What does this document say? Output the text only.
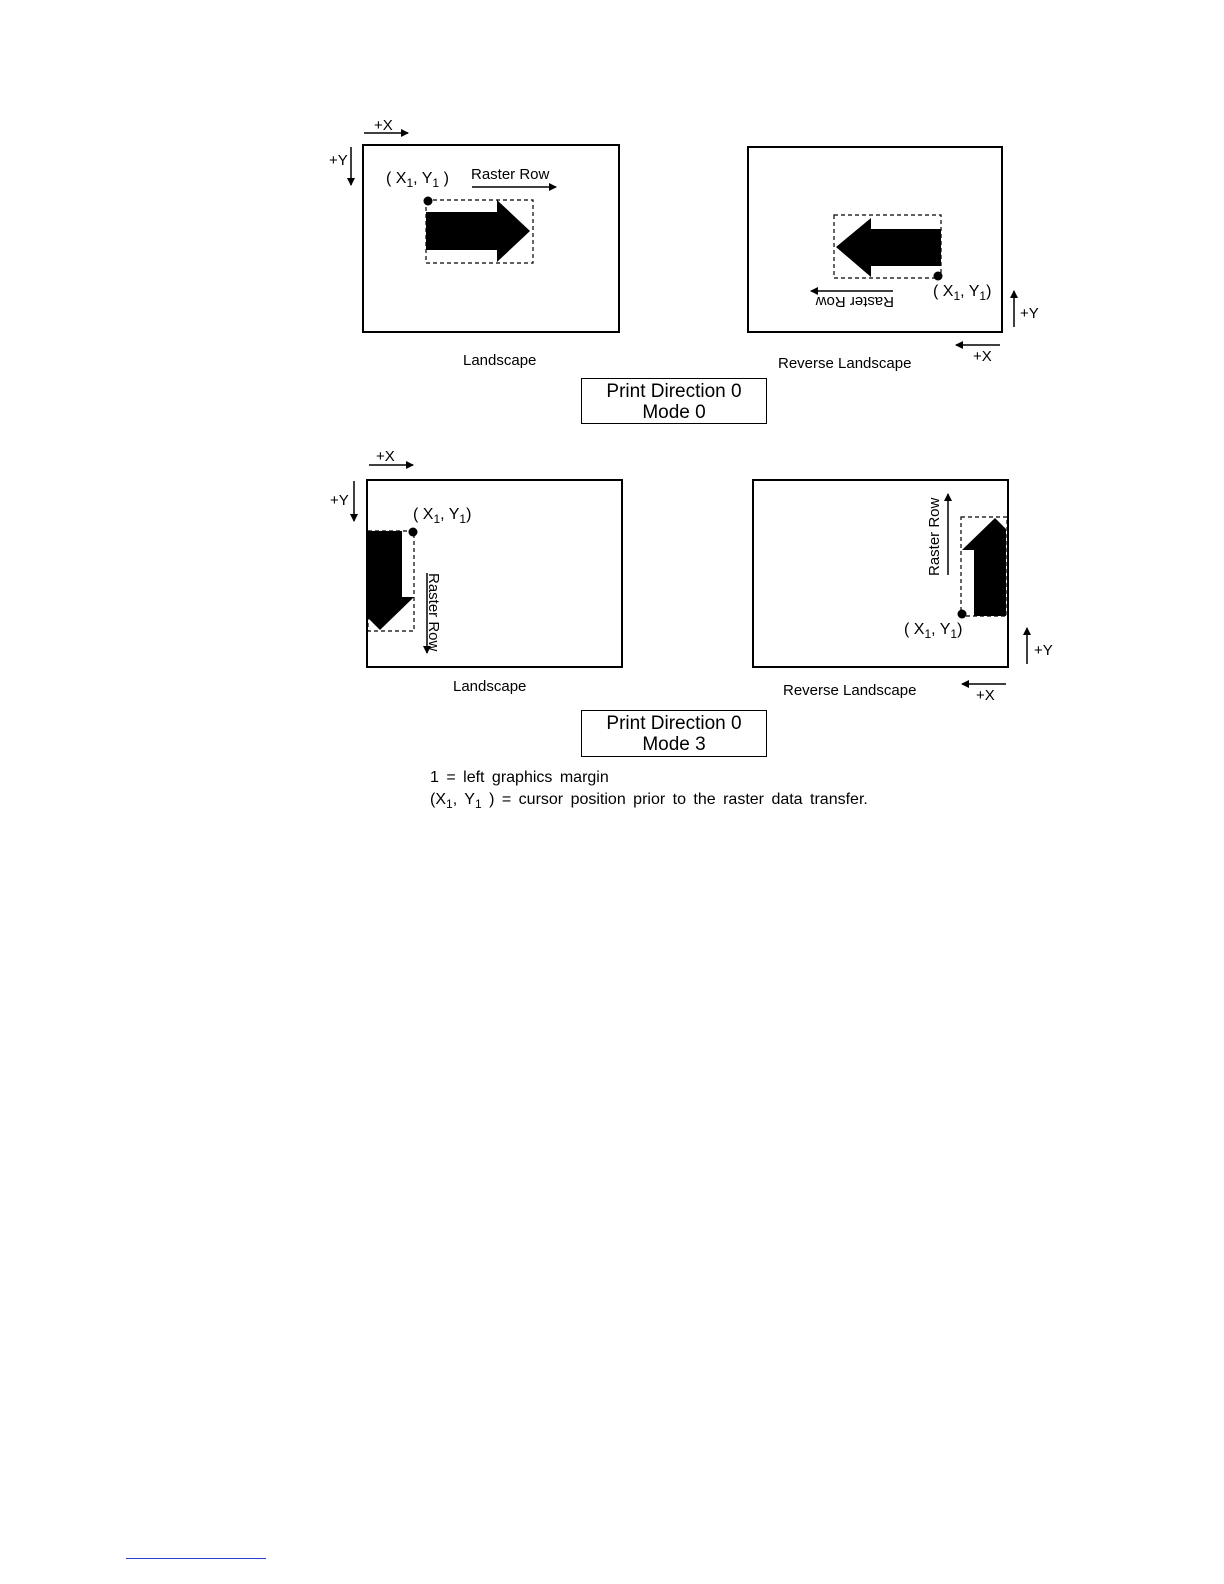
+X
+Y
( $X_1$, $Y_1$ ) Raster Row
Raster Row
( $X_1$, $Y_1$)
+Y
+X
Landscape	Reverse Landscape
Print Direction 0
Mode 0
+X
+Y
( $X_1$, $Y_1$)
Raster Row
Raster Row
( $X_1$, $Y_1$)
+Y
+X
Landscape	Reverse Landscape
Print Direction 0
Mode 3
1 = left graphics margin
($X_1$, $Y_1$ ) = cursor position prior to the raster data transfer.
